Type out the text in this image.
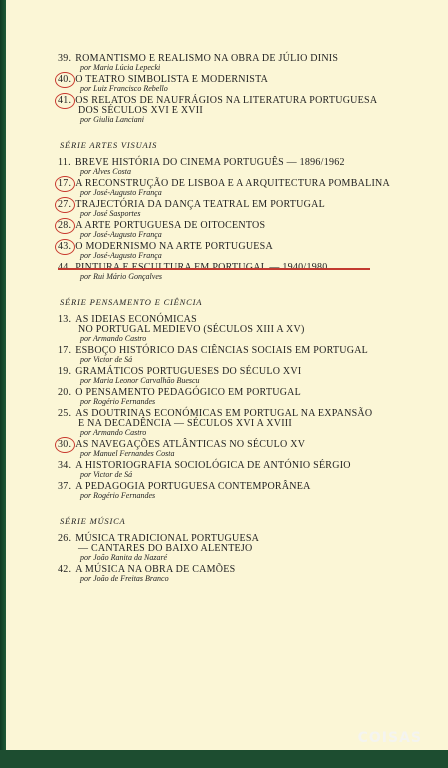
39. ROMANTISMO E REALISMO NA OBRA DE JÚLIO DINIS
por Maria Lúcia Lepecki
40. O TEATRO SIMBOLISTA E MODERNISTA
por Luiz Francisco Rebello
41. OS RELATOS DE NAUFRÁGIOS NA LITERATURA PORTUGUESA
DOS SÉCULOS XVI E XVII
por Giulia Lanciani
SÉRIE ARTES VISUAIS
11. BREVE HISTÓRIA DO CINEMA PORTUGUÊS — 1896/1962
por Alves Costa
17. A RECONSTRUÇÃO DE LISBOA E A ARQUITECTURA POMBALINA
por José-Augusto França
27. TRAJECTÓRIA DA DANÇA TEATRAL EM PORTUGAL
por José Sasportes
28. A ARTE PORTUGUESA DE OITOCENTOS
por José-Augusto França
43. O MODERNISMO NA ARTE PORTUGUESA
por José-Augusto França
por Rui Mário Gonçalves
SÉRIE PENSAMENTO E CIÊNCIA
13. AS IDEIAS ECONÓMICAS
NO PORTUGAL MEDIEVO (SÉCULOS XIII A XV)
por Armando Castro
17. ESBOÇO HISTÓRICO DAS CIÊNCIAS SOCIAIS EM PORTUGAL
por Victor de Sá
19. GRAMÁTICOS PORTUGUESES DO SÉCULO XVI
por Maria Leonor Carvalhão Buescu
20. O PENSAMENTO PEDAGÓGICO EM PORTUGAL
por Rogério Fernandes
25. AS DOUTRINAS ECONÓMICAS EM PORTUGAL NA EXPANSÃO
E NA DECADÊNCIA — SÉCULOS XVI A XVIII
por Armando Castro
30. AS NAVEGAÇÕES ATLÂNTICAS NO SÉCULO XV
por Manuel Fernandes Costa
34. A HISTORIOGRAFIA SOCIOLÓGICA DE ANTÓNIO SÉRGIO
por Victor de Sá
37. A PEDAGOGIA PORTUGUESA CONTEMPORÂNEA
por Rogério Fernandes
SÉRIE MÚSICA
26. MÚSICA TRADICIONAL PORTUGUESA
— CANTARES DO BAIXO ALENTEJO
por João Ranita da Nazaré
42. A MÚSICA NA OBRA DE CAMÕES
por João de Freitas Branco
COISAS
